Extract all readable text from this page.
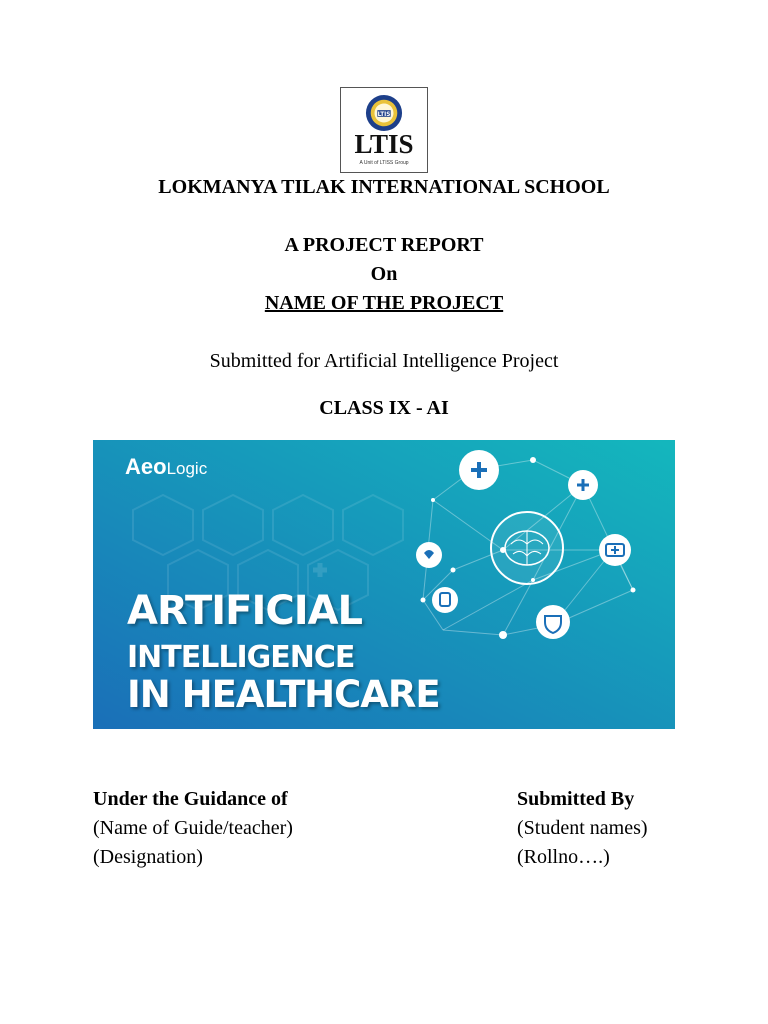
LTIS
LTIS
A Unit of LTISS Group
LOKMANYA TILAK INTERNATIONAL SCHOOL
A PROJECT REPORT
On
NAME OF THE PROJECT
Submitted for Artificial Intelligence Project
CLASS IX - AI
AeoLogic
ARTIFICIAL
INTELLIGENCE
IN HEALTHCARE
Under the Guidance of
(Name of Guide/teacher)
(Designation)
Submitted By
(Student names)
(Rollno….)
